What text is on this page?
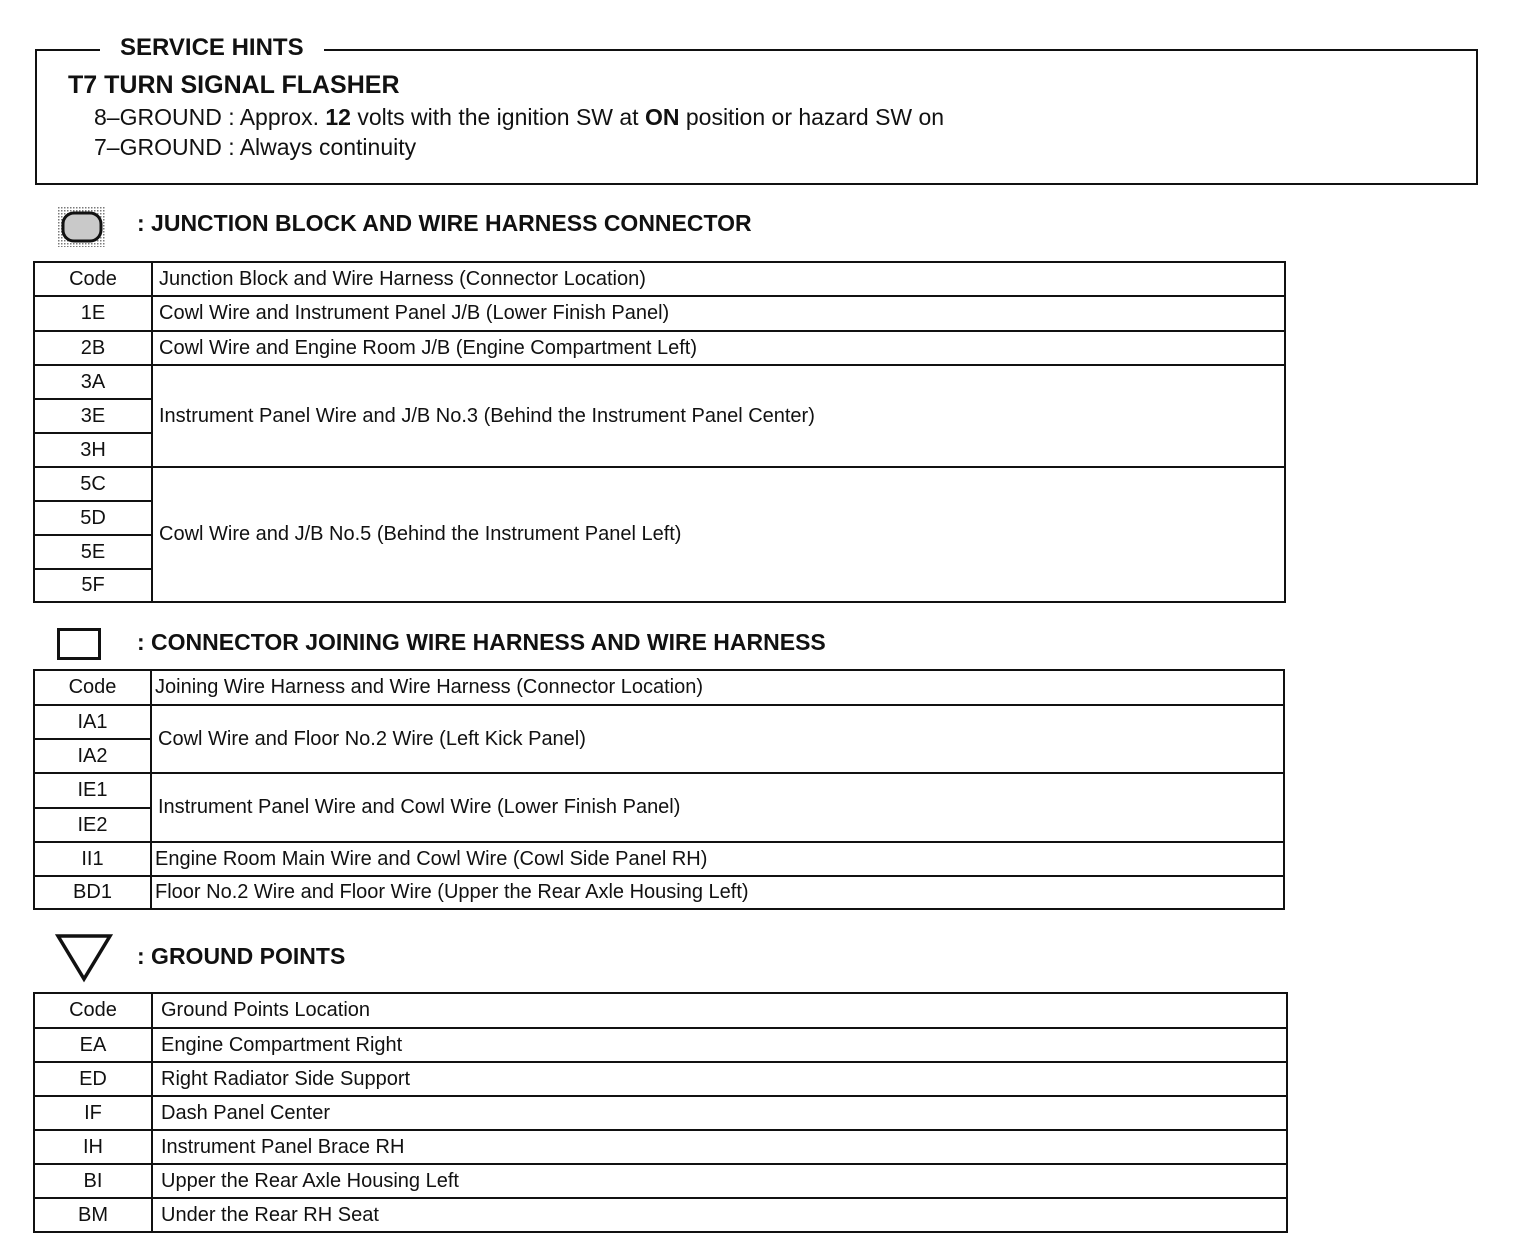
SERVICE HINTS
T7 TURN SIGNAL FLASHER
8–GROUND : Approx. 12 volts with the ignition SW at ON position or hazard SW on
7–GROUND : Always continuity
: JUNCTION BLOCK AND WIRE HARNESS CONNECTOR
Code	Junction Block and Wire Harness (Connector Location)
1E	Cowl Wire and Instrument Panel J/B (Lower Finish Panel)
2B	Cowl Wire and Engine Room J/B (Engine Compartment Left)
3A	Instrument Panel Wire and J/B No.3 (Behind the Instrument Panel Center)
3E	
3H	
5C	Cowl Wire and J/B No.5 (Behind the Instrument Panel Left)
5D	
5E	
5F	
: CONNECTOR JOINING WIRE HARNESS AND WIRE HARNESS
Code	Joining Wire Harness and Wire Harness (Connector Location)
IA1	Cowl Wire and Floor No.2 Wire (Left Kick Panel)
IA2	
IE1	Instrument Panel Wire and Cowl Wire (Lower Finish Panel)
IE2	
II1	Engine Room Main Wire and Cowl Wire (Cowl Side Panel RH)
BD1	Floor No.2 Wire and Floor Wire (Upper the Rear Axle Housing Left)
: GROUND POINTS
Code	Ground Points Location
EA	Engine Compartment Right
ED	Right Radiator Side Support
IF	Dash Panel Center
IH	Instrument Panel Brace RH
BI	Upper the Rear Axle Housing Left
BM	Under the Rear RH Seat
